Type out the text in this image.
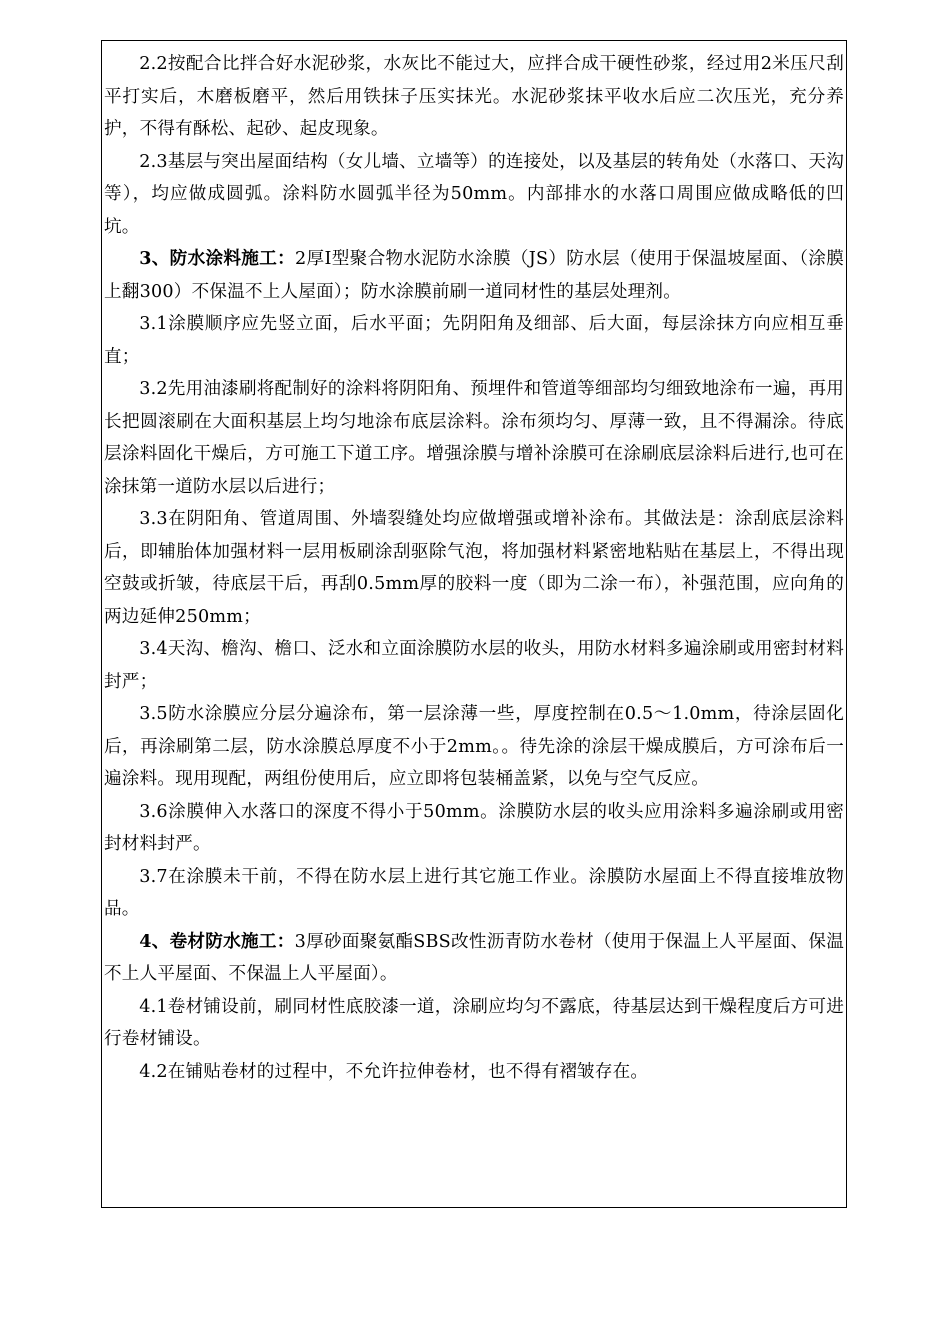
2.2按配合比拌合好水泥砂浆，水灰比不能过大，应拌合成干硬性砂浆，经过用2米压尺刮平打实后，木磨板磨平，然后用铁抹子压实抹光。水泥砂浆抹平收水后应二次压光，充分养护，不得有酥松、起砂、起皮现象。

2.3基层与突出屋面结构（女儿墙、立墙等）的连接处，以及基层的转角处（水落口、天沟等），均应做成圆弧。涂料防水圆弧半径为50mm。内部排水的水落口周围应做成略低的凹坑。

3、防水涂料施工：2厚I型聚合物水泥防水涂膜（JS）防水层（使用于保温坡屋面、（涂膜上翻300）不保温不上人屋面）；防水涂膜前刷一道同材性的基层处理剂。

3.1涂膜顺序应先竖立面，后水平面；先阴阳角及细部、后大面，每层涂抹方向应相互垂直；

3.2先用油漆刷将配制好的涂料将阴阳角、预埋件和管道等细部均匀细致地涂布一遍，再用长把圆滚刷在大面积基层上均匀地涂布底层涂料。涂布须均匀、厚薄一致，且不得漏涂。待底层涂料固化干燥后，方可施工下道工序。增强涂膜与增补涂膜可在涂刷底层涂料后进行,也可在涂抹第一道防水层以后进行；

3.3在阴阳角、管道周围、外墙裂缝处均应做增强或增补涂布。其做法是：涂刮底层涂料后，即辅胎体加强材料一层用板刷涂刮驱除气泡，将加强材料紧密地粘贴在基层上，不得出现空鼓或折皱，待底层干后，再刮0.5mm厚的胶料一度（即为二涂一布），补强范围，应向角的两边延伸250mm；

3.4天沟、檐沟、檐口、泛水和立面涂膜防水层的收头，用防水材料多遍涂刷或用密封材料封严；

3.5防水涂膜应分层分遍涂布，第一层涂薄一些，厚度控制在0.5～1.0mm，待涂层固化后，再涂刷第二层，防水涂膜总厚度不小于2mm。。待先涂的涂层干燥成膜后，方可涂布后一遍涂料。现用现配，两组份使用后，应立即将包装桶盖紧，以免与空气反应。

3.6涂膜伸入水落口的深度不得小于50mm。涂膜防水层的收头应用涂料多遍涂刷或用密封材料封严。

3.7在涂膜未干前，不得在防水层上进行其它施工作业。涂膜防水屋面上不得直接堆放物品。

4、卷材防水施工：3厚砂面聚氨酯SBS改性沥青防水卷材（使用于保温上人平屋面、保温不上人平屋面、不保温上人平屋面）。

4.1卷材铺设前，刷同材性底胶漆一道，涂刷应均匀不露底，待基层达到干燥程度后方可进行卷材铺设。

4.2在铺贴卷材的过程中，不允许拉伸卷材，也不得有褶皱存在。
